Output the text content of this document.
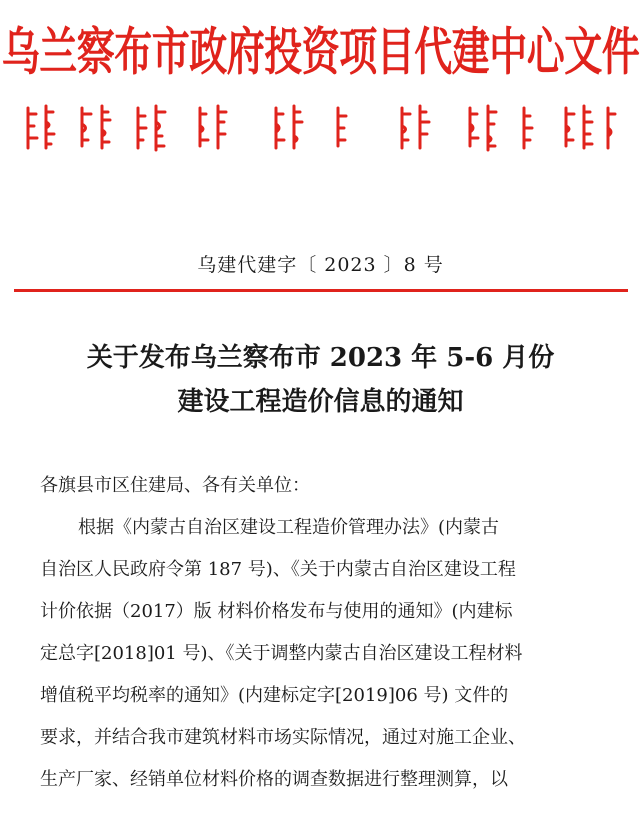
乌兰察布市政府投资项目代建中心文件
乌建代建字〔 2023 〕8 号
关于发布乌兰察布市 2023 年 5-6 月份
建设工程造价信息的通知
各旗县市区住建局、各有关单位：
根据《内蒙古自治区建设工程造价管理办法》(内蒙古
自治区人民政府令第 187 号)、《关于内蒙古自治区建设工程
计价依据（2017）版 材料价格发布与使用的通知》(内建标
定总字[2018]01 号)、《关于调整内蒙古自治区建设工程材料
增值税平均税率的通知》(内建标定字[2019]06 号) 文件的
要求，并结合我市建筑材料市场实际情况，通过对施工企业、
生产厂家、经销单位材料价格的调查数据进行整理测算，以
